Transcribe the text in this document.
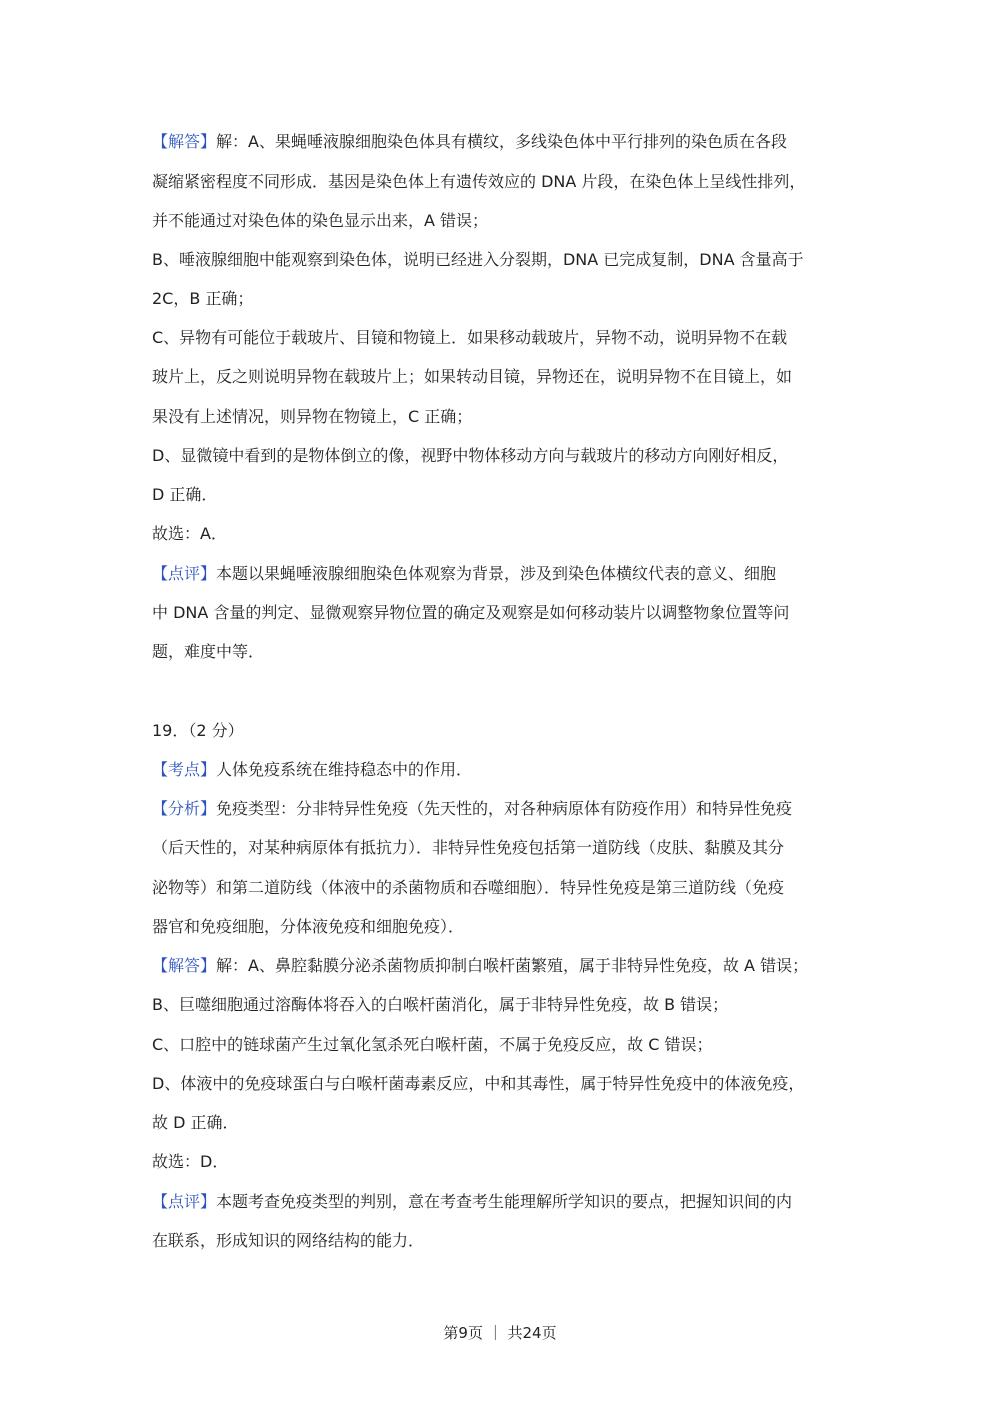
【解答】解：A、果蝇唾液腺细胞染色体具有横纹，多线染色体中平行排列的染色质在各段
凝缩紧密程度不同形成．基因是染色体上有遗传效应的 DNA 片段，在染色体上呈线性排列，
并不能通过对染色体的染色显示出来，A 错误；
B、唾液腺细胞中能观察到染色体，说明已经进入分裂期，DNA 已完成复制，DNA 含量高于
2C，B 正确；
C、异物有可能位于载玻片、目镜和物镜上．如果移动载玻片，异物不动，说明异物不在载
玻片上，反之则说明异物在载玻片上；如果转动目镜，异物还在，说明异物不在目镜上，如
果没有上述情况，则异物在物镜上，C 正确；
D、显微镜中看到的是物体倒立的像，视野中物体移动方向与载玻片的移动方向刚好相反，
D 正确．
故选：A．
【点评】本题以果蝇唾液腺细胞染色体观察为背景，涉及到染色体横纹代表的意义、细胞
中 DNA 含量的判定、显微观察异物位置的确定及观察是如何移动装片以调整物象位置等问
题，难度中等．
19．（2 分）
【考点】人体免疫系统在维持稳态中的作用．
【分析】免疫类型：分非特异性免疫（先天性的，对各种病原体有防疫作用）和特异性免疫
（后天性的，对某种病原体有抵抗力）．非特异性免疫包括第一道防线（皮肤、黏膜及其分
泌物等）和第二道防线（体液中的杀菌物质和吞噬细胞）．特异性免疫是第三道防线（免疫
器官和免疫细胞，分体液免疫和细胞免疫）．
【解答】解：A、鼻腔黏膜分泌杀菌物质抑制白喉杆菌繁殖，属于非特异性免疫，故 A 错误；
B、巨噬细胞通过溶酶体将吞入的白喉杆菌消化，属于非特异性免疫，故 B 错误；
C、口腔中的链球菌产生过氧化氢杀死白喉杆菌，不属于免疫反应，故 C 错误；
D、体液中的免疫球蛋白与白喉杆菌毒素反应，中和其毒性，属于特异性免疫中的体液免疫，
故 D 正确．
故选：D．
【点评】本题考查免疫类型的判别，意在考查考生能理解所学知识的要点，把握知识间的内
在联系，形成知识的网络结构的能力．
第9页 ｜ 共24页
